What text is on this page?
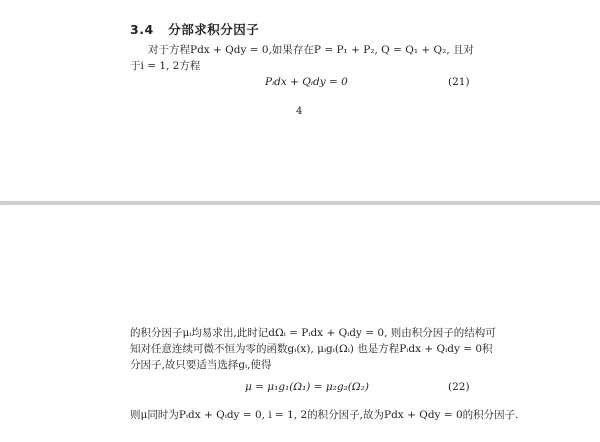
3.4 分部求积分因子
对于方程Pdx + Qdy = 0,如果存在P = P₁ + P₂, Q = Q₁ + Q₂, 且对
于i = 1, 2方程
Pᵢdx + Qᵢdy = 0	(21)
4
的积分因子μᵢ均易求出,此时记dΩᵢ = Pᵢdx + Qᵢdy = 0, 则由积分因子的结构可
知对任意连续可微不恒为零的函数gᵢ(x), μᵢgᵢ(Ωᵢ) 也是方程Pᵢdx + Qᵢdy = 0积
分因子,故只要适当选择gᵢ,使得
μ = μ₁g₁(Ω₁) = μ₂g₂(Ω₂)	(22)
则μ同时为Pᵢdx + Qᵢdy = 0, i = 1, 2的积分因子,故为Pdx + Qdy = 0的积分因子.
